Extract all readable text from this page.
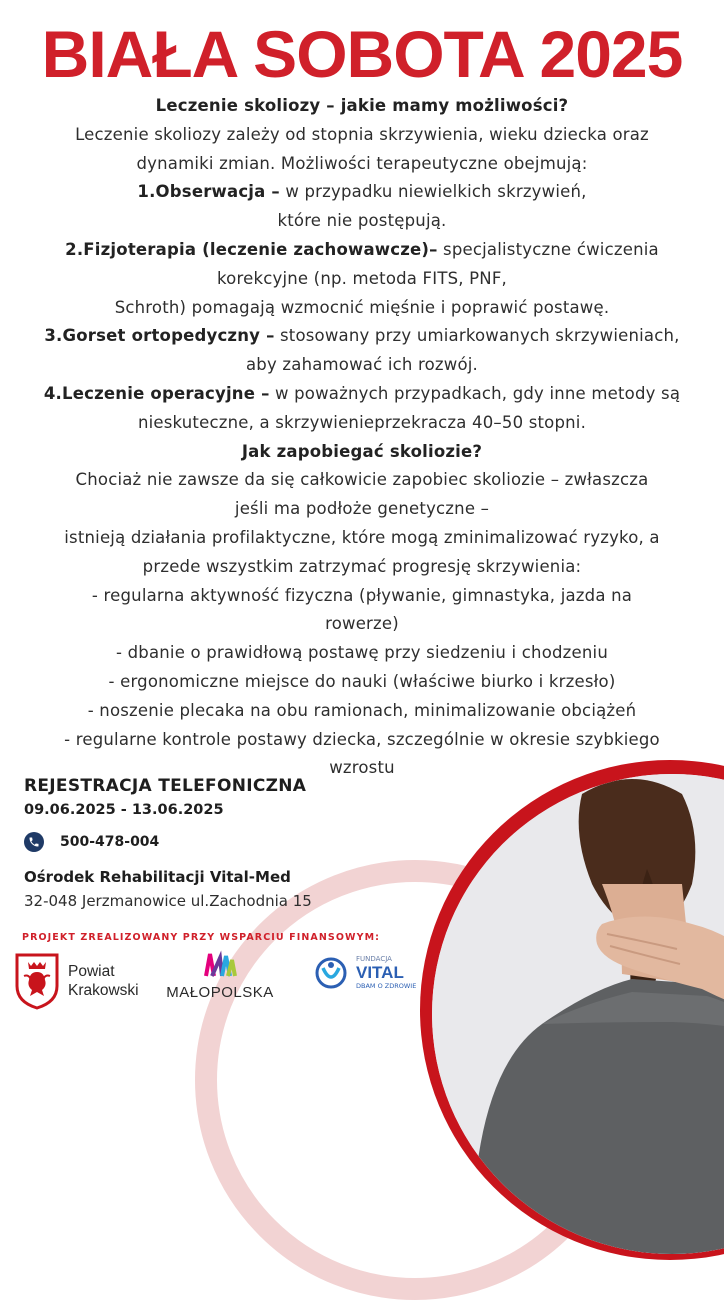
BIAŁA SOBOTA 2025

Leczenie skoliozy – jakie mamy możliwości?

Leczenie skoliozy zależy od stopnia skrzywienia, wieku dziecka oraz

dynamiki zmian. Możliwości terapeutyczne obejmują:

1.Obserwacja – w przypadku niewielkich skrzywień,

które nie postępują.

2.Fizjoterapia (leczenie zachowawcze)– specjalistyczne ćwiczenia

korekcyjne (np. metoda FITS, PNF,

Schroth) pomagają wzmocnić mięśnie i poprawić postawę.

3.Gorset ortopedyczny – stosowany przy umiarkowanych skrzywieniach,

aby zahamować ich rozwój.

4.Leczenie operacyjne – w poważnych przypadkach, gdy inne metody są

nieskuteczne, a skrzywienieprzekracza 40–50 stopni.

Jak zapobiegać skoliozie?

Chociaż nie zawsze da się całkowicie zapobiec skoliozie – zwłaszcza

jeśli ma podłoże genetyczne –

istnieją działania profilaktyczne, które mogą zminimalizować ryzyko, a

przede wszystkim zatrzymać progresję skrzywienia:

- regularna aktywność fizyczna (pływanie, gimnastyka, jazda na

rowerze)

- dbanie o prawidłową postawę przy siedzeniu i chodzeniu

- ergonomiczne miejsce do nauki (właściwe biurko i krzesło)

- noszenie plecaka na obu ramionach, minimalizowanie obciążeń

- regularne kontrole postawy dziecka, szczególnie w okresie szybkiego

wzrostu

REJESTRACJA TELEFONICZNA
09.06.2025 - 13.06.2025
500-478-004
Ośrodek Rehabilitacji Vital-Med
32-048 Jerzmanowice ul.Zachodnia 15
PROJEKT ZREALIZOWANY PRZY WSPARCIU FINANSOWYM:
Powiat
Krakowski	MAŁOPOLSKA
FUNDACJA
VITAL
DBAM O ZDROWIE
